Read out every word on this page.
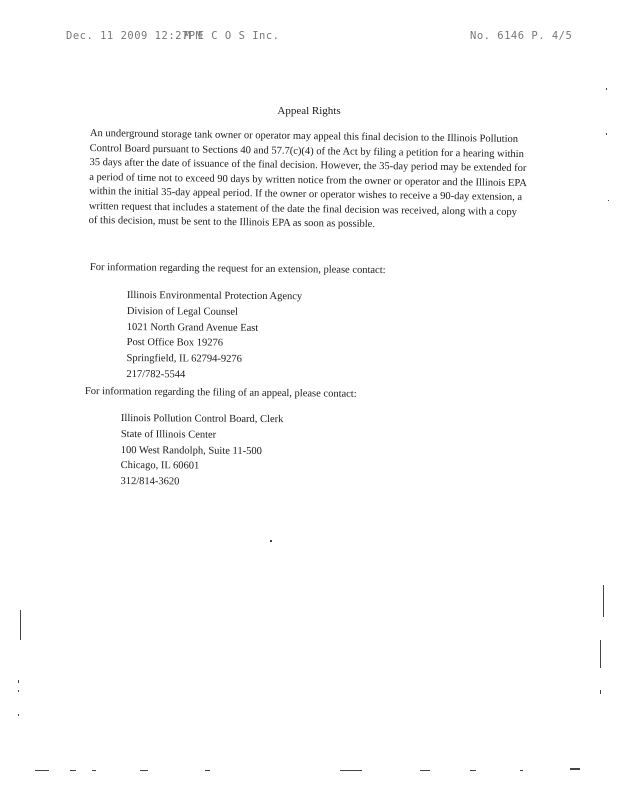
Dec. 11 2009 12:27PM
M E C O S Inc.	No. 6146 P. 4/5
Appeal Rights

An underground storage tank owner or operator may appeal this final decision to the Illinois Pollution Control Board pursuant to Sections 40 and 57.7(c)(4) of the Act by filing a petition for a hearing within 35 days after the date of issuance of the final decision. However, the 35-day period may be extended for a period of time not to exceed 90 days by written notice from the owner or operator and the Illinois EPA within the initial 35-day appeal period. If the owner or operator wishes to receive a 90-day extension, a written request that includes a statement of the date the final decision was received, along with a copy of this decision, must be sent to the Illinois EPA as soon as possible.

For information regarding the request for an extension, please contact:

Illinois Environmental Protection Agency
Division of Legal Counsel
1021 North Grand Avenue East
Post Office Box 19276
Springfield, IL 62794-9276
217/782-5544

For information regarding the filing of an appeal, please contact:

Illinois Pollution Control Board, Clerk
State of Illinois Center
100 West Randolph, Suite 11-500
Chicago, IL 60601
312/814-3620
